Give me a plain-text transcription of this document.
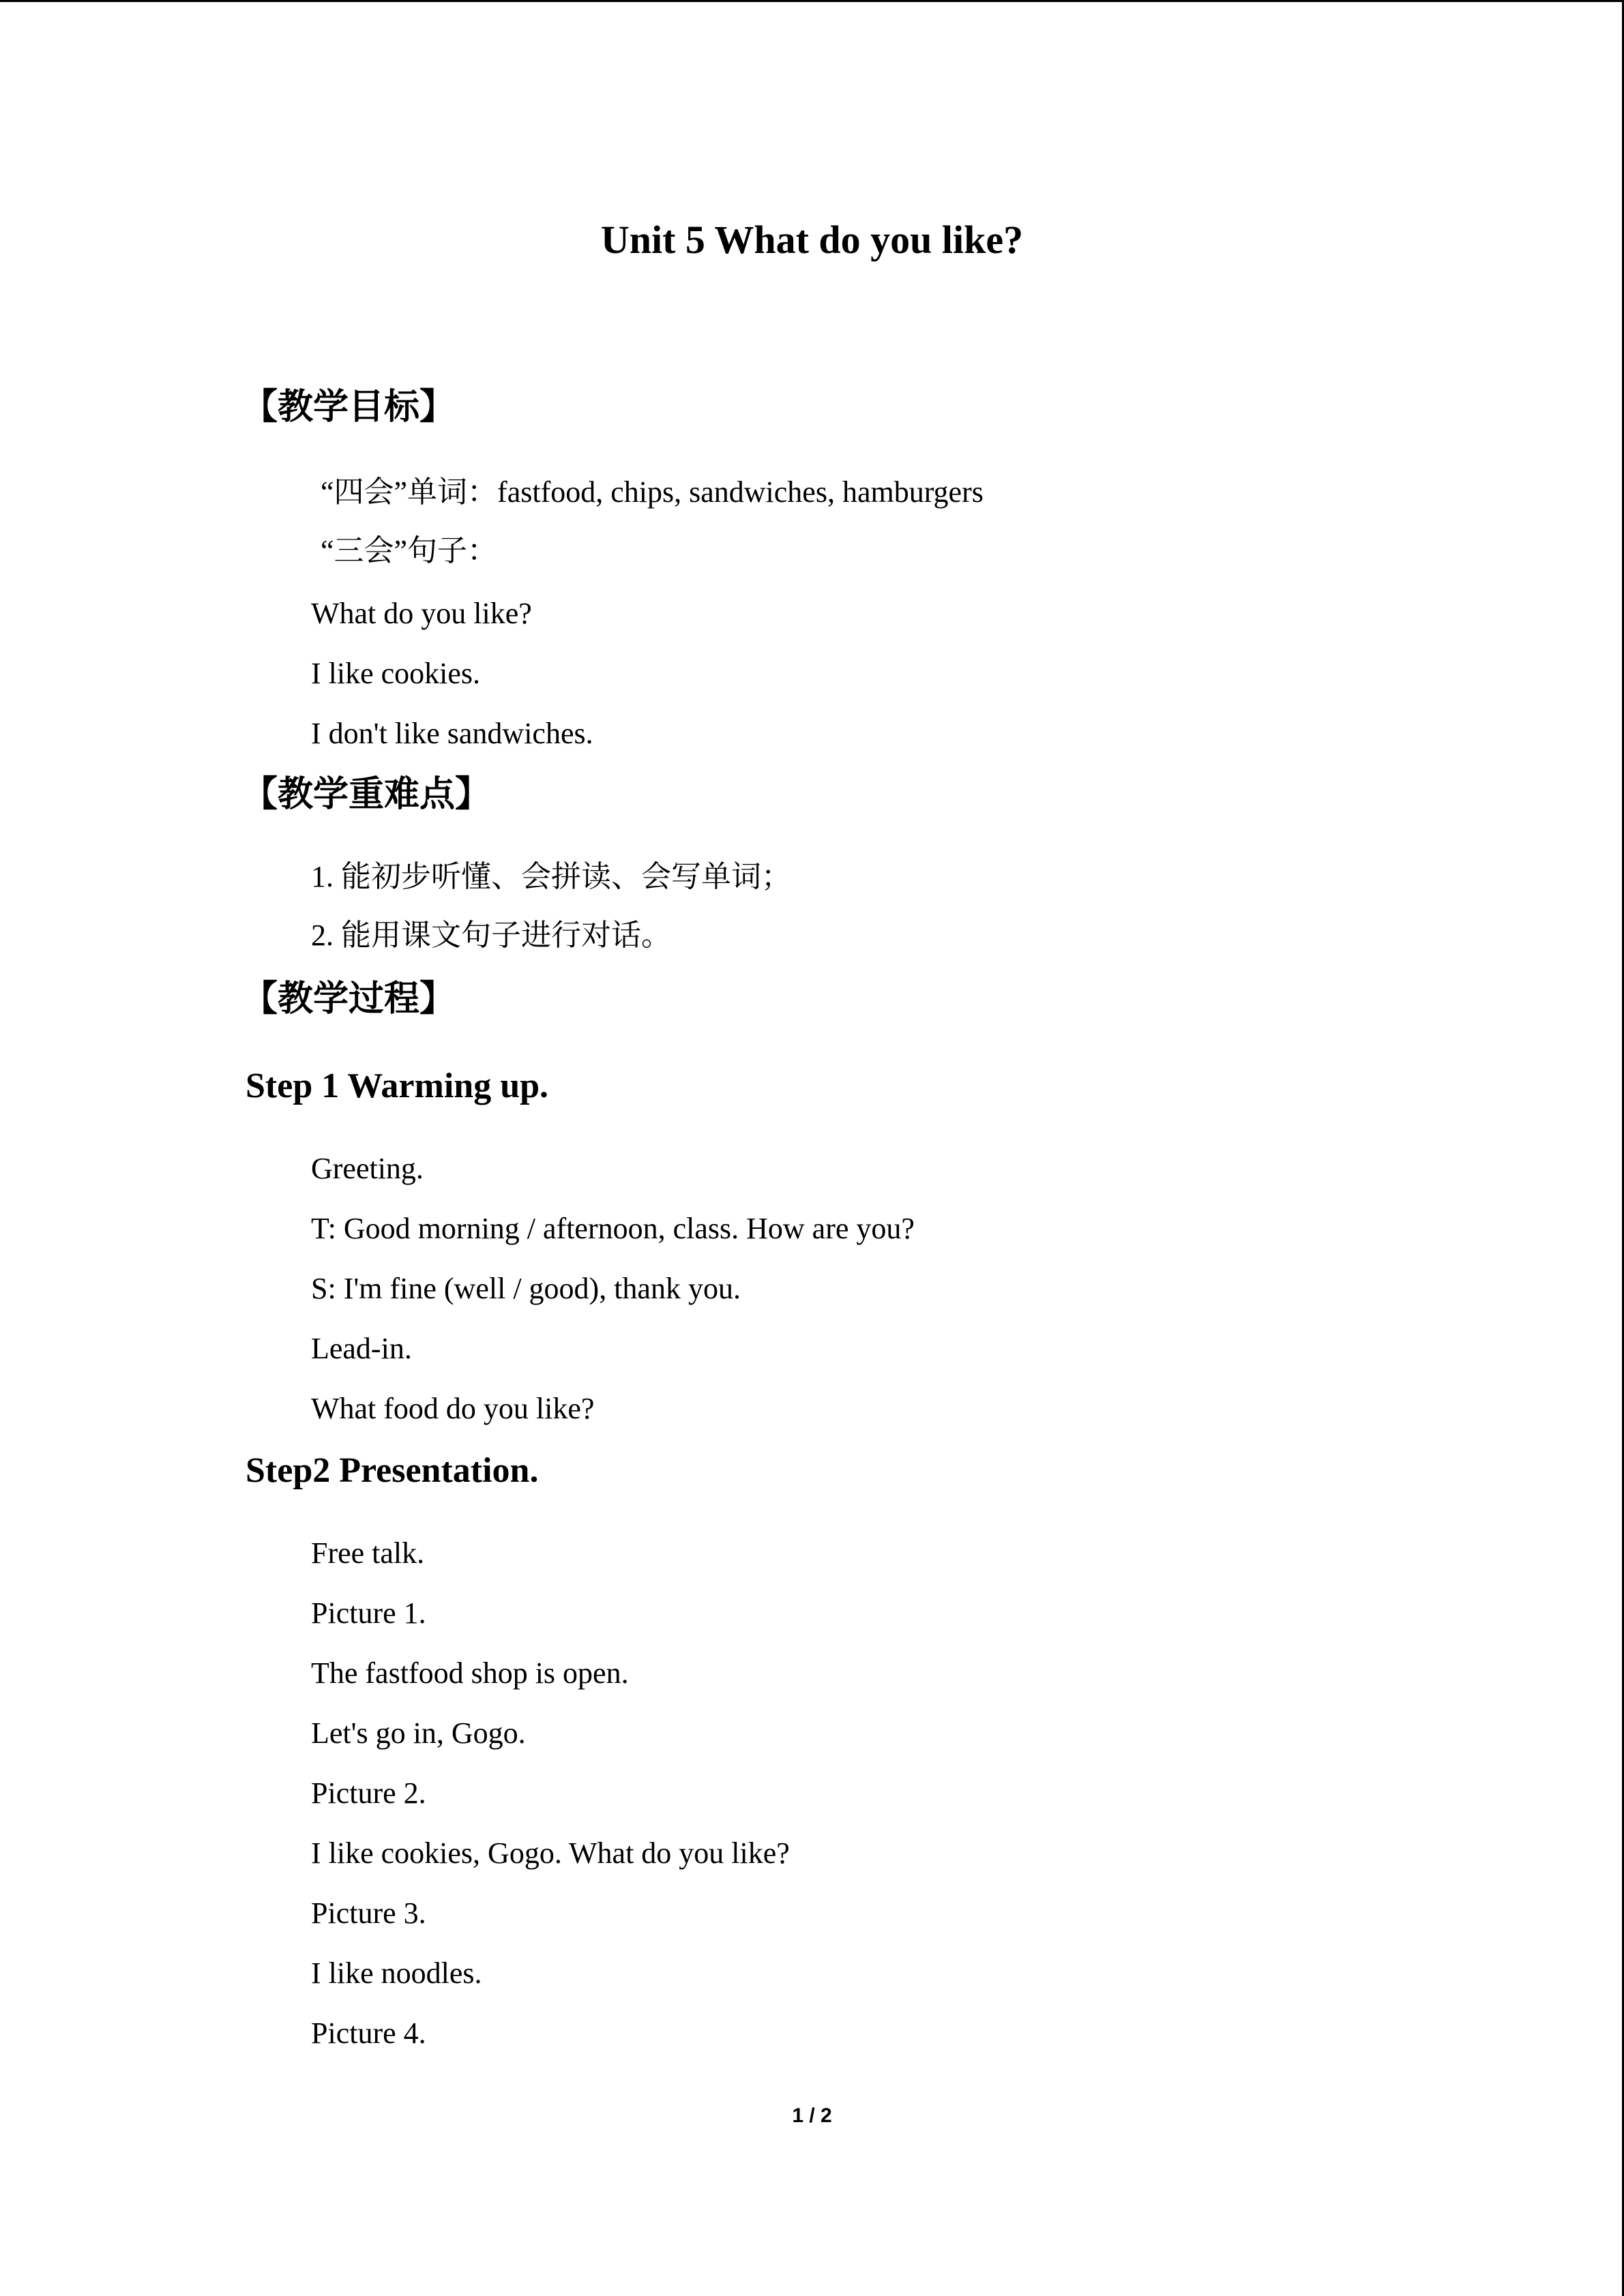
Unit 5 What do you like?
【教学目标】
“四会”单词：fastfood, chips, sandwiches, hamburgers
“三会”句子：
What do you like?
I like cookies.
I don't like sandwiches.
【教学重难点】
1. 能初步听懂、会拼读、会写单词；
2. 能用课文句子进行对话。
【教学过程】
Step 1 Warming up.
Greeting.
T: Good morning / afternoon, class. How are you?
S: I'm fine (well / good), thank you.
Lead-in.
What food do you like?
Step2 Presentation.
Free talk.
Picture 1.
The fastfood shop is open.
Let's go in, Gogo.
Picture 2.
I like cookies, Gogo. What do you like?
Picture 3.
I like noodles.
Picture 4.
1 / 2
